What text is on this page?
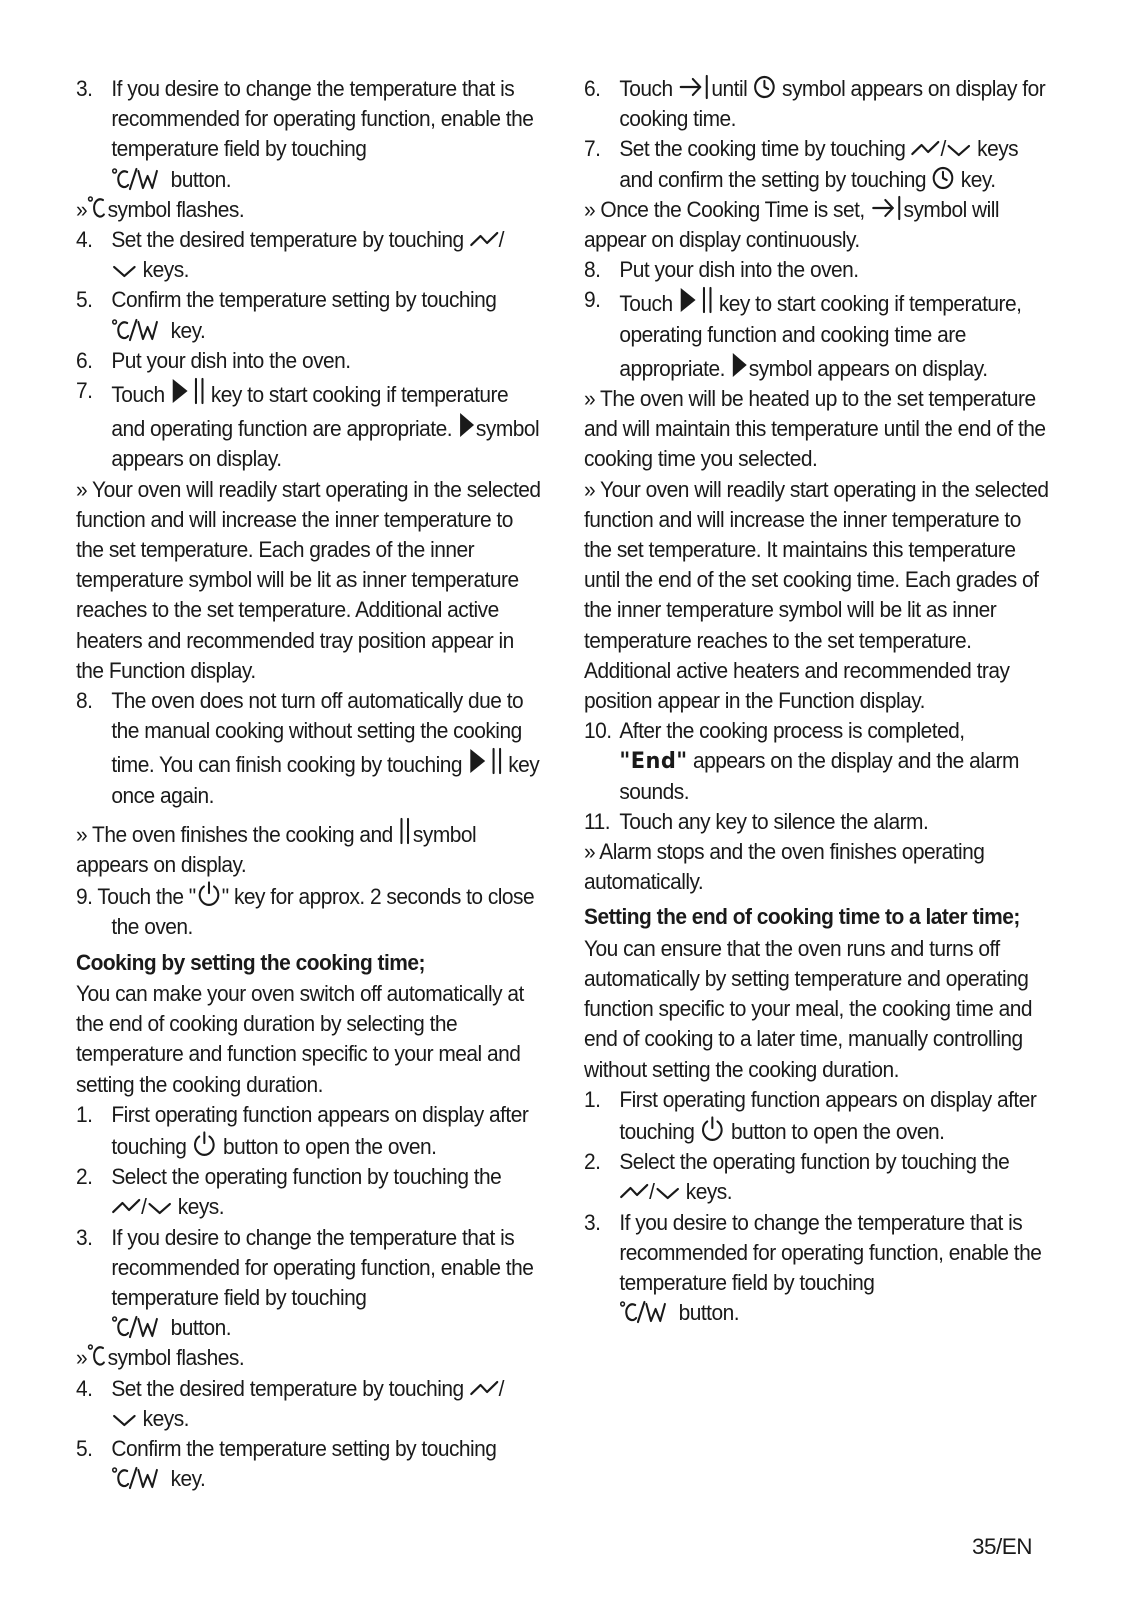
3. If you desire to change the temperature that is recommended for operating function, enable the temperature field by touching

button.

» symbol flashes.

4. Set the desired temperature by touching /

keys.

5. Confirm the temperature setting by touching

key.

6. Put your dish into the oven.

7. Touch key to start cooking if temperature and operating function are appropriate. symbol appears on display.

» Your oven will readily start operating in the selected function and will increase the inner temperature to the set temperature. Each grades of the inner temperature symbol will be lit as inner temperature reaches to the set temperature. Additional active heaters and recommended tray position appear in the Function display.

8. The oven does not turn off automatically due to the manual cooking without setting the cooking time. You can finish cooking by touching key once again.

» The oven finishes the cooking and symbol appears on display.

9. Touch the " " key for approx. 2 seconds to close the oven.

Cooking by setting the cooking time;

You can make your oven switch off automatically at the end of cooking duration by selecting the temperature and function specific to your meal and setting the cooking duration.

1. First operating function appears on display after touching button to open the oven.

2. Select the operating function by touching the

/ keys.

3. If you desire to change the temperature that is recommended for operating function, enable the temperature field by touching

button.

» symbol flashes.

4. Set the desired temperature by touching /

keys.

5. Confirm the temperature setting by touching

key.

6. Touch until symbol appears on display for cooking time.

7. Set the cooking time by touching / keys and confirm the setting by touching key.

» Once the Cooking Time is set, symbol will appear on display continuously.

8. Put your dish into the oven.

9. Touch key to start cooking if temperature, operating function and cooking time are appropriate. symbol appears on display.

» The oven will be heated up to the set temperature and will maintain this temperature until the end of the cooking time you selected.

» Your oven will readily start operating in the selected function and will increase the inner temperature to the set temperature. It maintains this temperature until the end of the set cooking time. Each grades of the inner temperature symbol will be lit as inner temperature reaches to the set temperature. Additional active heaters and recommended tray position appear in the Function display.

10. After the cooking process is completed,
"End" appears on the display and the alarm sounds.

11. Touch any key to silence the alarm.

» Alarm stops and the oven finishes operating automatically.

Setting the end of cooking time to a later time;

You can ensure that the oven runs and turns off automatically by setting temperature and operating function specific to your meal, the cooking time and end of cooking to a later time, manually controlling without setting the cooking duration.

1. First operating function appears on display after touching button to open the oven.

2. Select the operating function by touching the

/ keys.

3. If you desire to change the temperature that is recommended for operating function, enable the temperature field by touching

button.

35/EN
